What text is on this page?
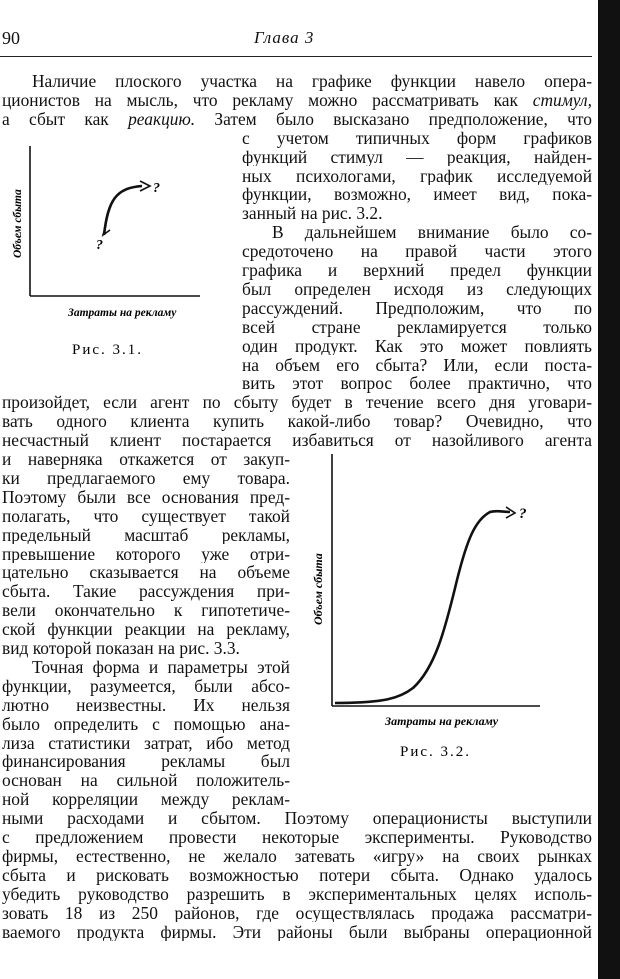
90	Глава 3
Наличие плоского участка на графике функции навело опера-
ционистов на мысль, что рекламу можно рассматривать как стимул,
а сбыт как реакцию. Затем было высказано предположение, что
с учетом типичных форм графиков
функций стимул — реакция, найден-
ных психологами, график исследуемой
функции, возможно, имеет вид, пока-
занный на рис. 3.2.
В дальнейшем внимание было со-
средоточено на правой части этого
графика и верхний предел функции
был определен исходя из следующих
рассуждений. Предположим, что по
всей стране рекламируется только
один продукт. Как это может повлиять
на объем его сбыта? Или, если поста-
вить этот вопрос более практично, что
произойдет, если агент по сбыту будет в течение всего дня уговари-
вать одного клиента купить какой-либо товар? Очевидно, что
несчастный клиент постарается избавиться от назойливого агента
и наверняка откажется от закуп-
ки предлагаемого ему товара.
Поэтому были все основания пред-
полагать, что существует такой
предельный масштаб рекламы,
превышение которого уже отри-
цательно сказывается на объеме
сбыта. Такие рассуждения при-
вели окончательно к гипотетиче-
ской функции реакции на рекламу,
вид которой показан на рис. 3.3.
Точная форма и параметры этой
функции, разумеется, были абсо-
лютно неизвестны. Их нельзя
было определить с помощью ана-
лиза статистики затрат, ибо метод
финансирования рекламы был
основан на сильной положитель-
ной корреляции между реклам-
ными расходами и сбытом. Поэтому операционисты выступили
ваемого продукта фирмы. Эти районы были выбраны операционной
зовать 18 из 250 районов, где осуществлялась продажа рассматри-
убедить руководство разрешить в экспериментальных целях исполь-
сбыта и рисковать возможностью потери сбыта. Однако удалось
фирмы, естественно, не желало затевать «игру» на своих рынках
с предложением провести некоторые эксперименты. Руководство
?
?
Объем сбыта
Затраты на рекламу
Рис. 3.1.
?
Объем сбыта
Затраты на рекламу
Рис. 3.2.
